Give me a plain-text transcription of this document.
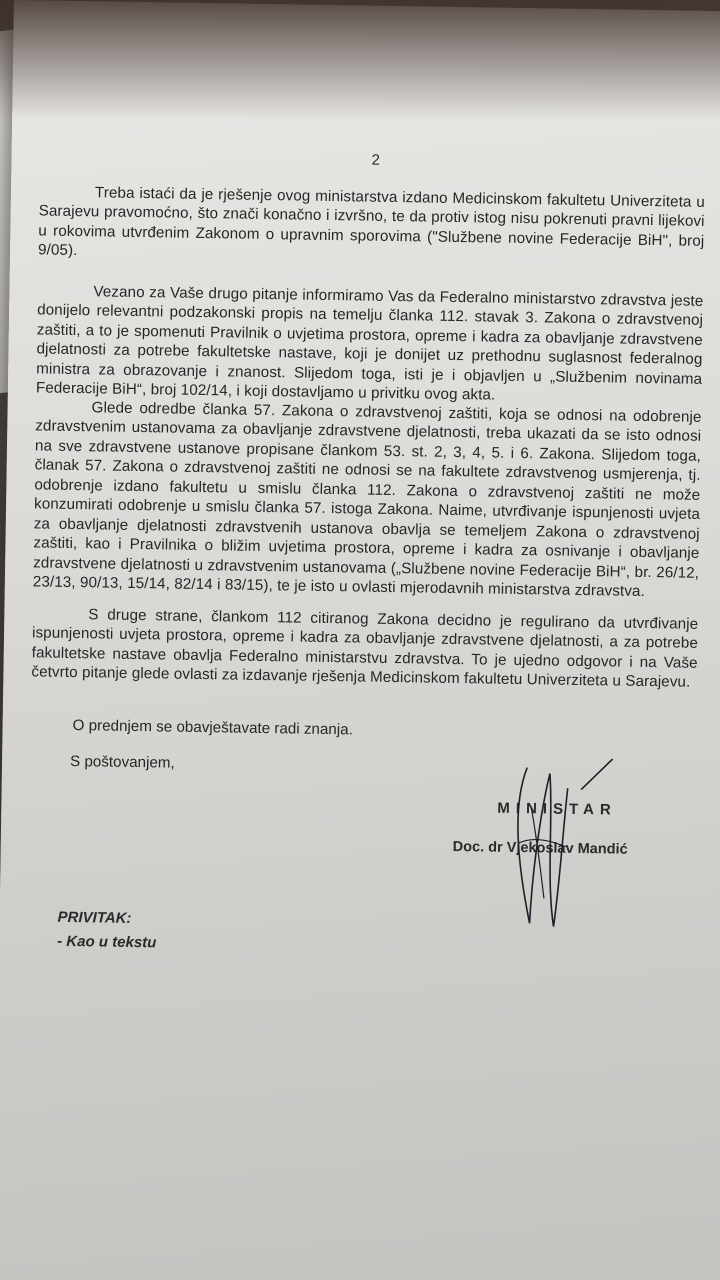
2

Treba istaći da je rješenje ovog ministarstva izdano Medicinskom fakultetu Univerziteta u Sarajevu pravomoćno, što znači konačno i izvršno, te da protiv istog nisu pokrenuti pravni lijekovi u rokovima utvrđenim Zakonom o upravnim sporovima ("Službene novine Federacije BiH", broj 9/05).

Vezano za Vaše drugo pitanje informiramo Vas da Federalno ministarstvo zdravstva jeste donijelo relevantni podzakonski propis na temelju članka 112. stavak 3. Zakona o zdravstvenoj zaštiti, a to je spomenuti Pravilnik o uvjetima prostora, opreme i kadra za obavljanje zdravstvene djelatnosti za potrebe fakultetske nastave, koji je donijet uz prethodnu suglasnost federalnog ministra za obrazovanje i znanost. Slijedom toga, isti je i objavljen u „Službenim novinama Federacije BiH“, broj 102/14, i koji dostavljamo u privitku ovog akta.

Glede odredbe članka 57. Zakona o zdravstvenoj zaštiti, koja se odnosi na odobrenje zdravstvenim ustanovama za obavljanje zdravstvene djelatnosti, treba ukazati da se isto odnosi na sve zdravstvene ustanove propisane člankom 53. st. 2, 3, 4, 5. i 6. Zakona. Slijedom toga, članak 57. Zakona o zdravstvenoj zaštiti ne odnosi se na fakultete zdravstvenog usmjerenja, tj. odobrenje izdano fakultetu u smislu članka 112. Zakona o zdravstvenoj zaštiti ne može konzumirati odobrenje u smislu članka 57. istoga Zakona. Naime, utvrđivanje ispunjenosti uvjeta za obavljanje djelatnosti zdravstvenih ustanova obavlja se temeljem Zakona o zdravstvenoj zaštiti, kao i Pravilnika o bližim uvjetima prostora, opreme i kadra za osnivanje i obavljanje zdravstvene djelatnosti u zdravstvenim ustanovama („Službene novine Federacije BiH“, br. 26/12, 23/13, 90/13, 15/14, 82/14 i 83/15), te je isto u ovlasti mjerodavnih ministarstva zdravstva.

S druge strane, člankom 112 citiranog Zakona decidno je regulirano da utvrđivanje ispunjenosti uvjeta prostora, opreme i kadra za obavljanje zdravstvene djelatnosti, a za potrebe fakultetske nastave obavlja Federalno ministarstvu zdravstva. To je ujedno odgovor i na Vaše četvrto pitanje glede ovlasti za izdavanje rješenja Medicinskom fakultetu Univerziteta u Sarajevu.

O prednjem se obavještavate radi znanja.

S poštovanjem,

MINISTAR
Doc. dr Vjekoslav Mandić
PRIVITAK:
- Kao u tekstu
